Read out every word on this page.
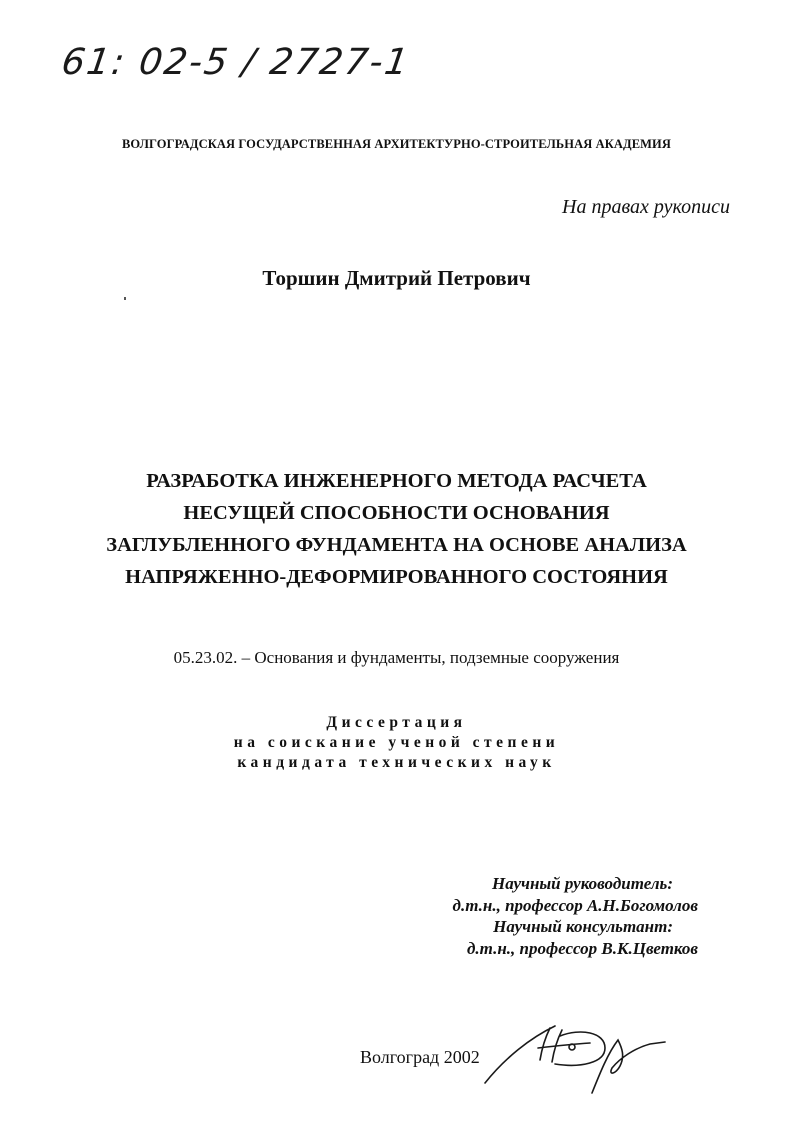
61: 02-5 / 2727-1
ВОЛГОГРАДСКАЯ ГОСУДАРСТВЕННАЯ АРХИТЕКТУРНО-СТРОИТЕЛЬНАЯ АКАДЕМИЯ
На правах рукописи
Торшин Дмитрий Петрович
РАЗРАБОТКА ИНЖЕНЕРНОГО МЕТОДА РАСЧЕТА
НЕСУЩЕЙ СПОСОБНОСТИ ОСНОВАНИЯ
ЗАГЛУБЛЕННОГО ФУНДАМЕНТА НА ОСНОВЕ АНАЛИЗА
НАПРЯЖЕННО-ДЕФОРМИРОВАННОГО СОСТОЯНИЯ
05.23.02. – Основания и фундаменты, подземные сооружения
Диссертация
на соискание ученой степени
кандидата технических наук
Научный руководитель:
д.т.н., профессор А.Н.Богомолов
Научный консультант:
д.т.н., профессор В.К.Цветков
Волгоград 2002
